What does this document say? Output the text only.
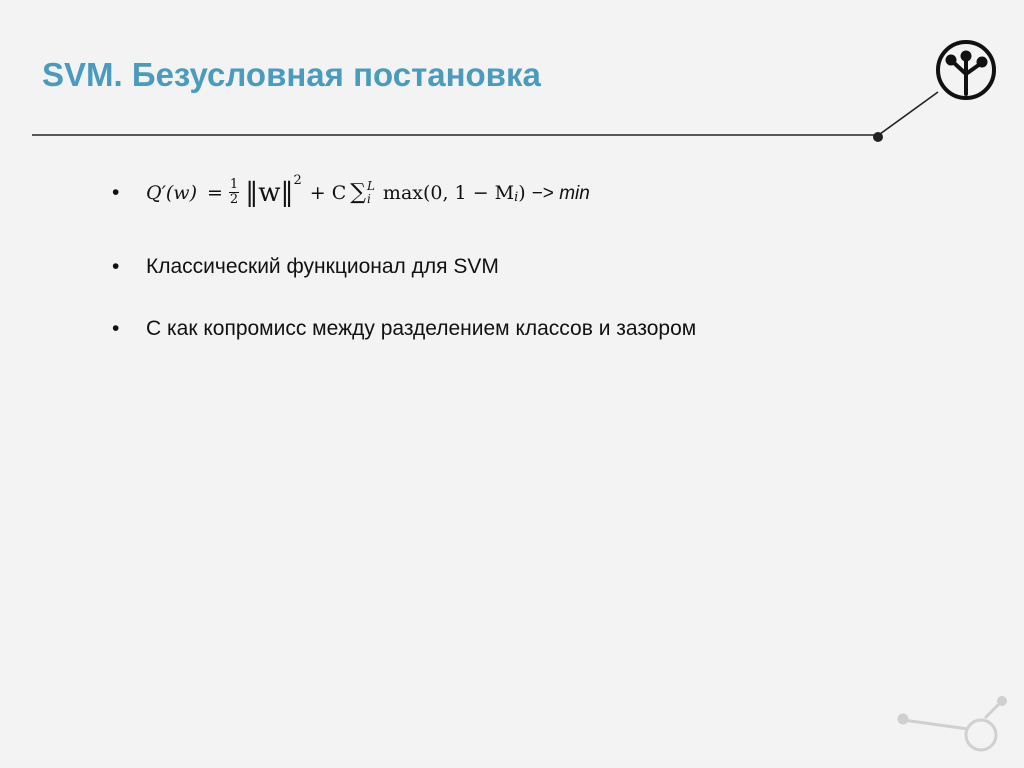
SVM. Безусловная постановка
•	$Q'(w) = \frac{1}{2}$ ‖w‖ 2
+ C ∑ L
i max(0, 1 − M i ) −> min
•	Классический функционал для SVM
•	C как копромисс между разделением классов и зазором
